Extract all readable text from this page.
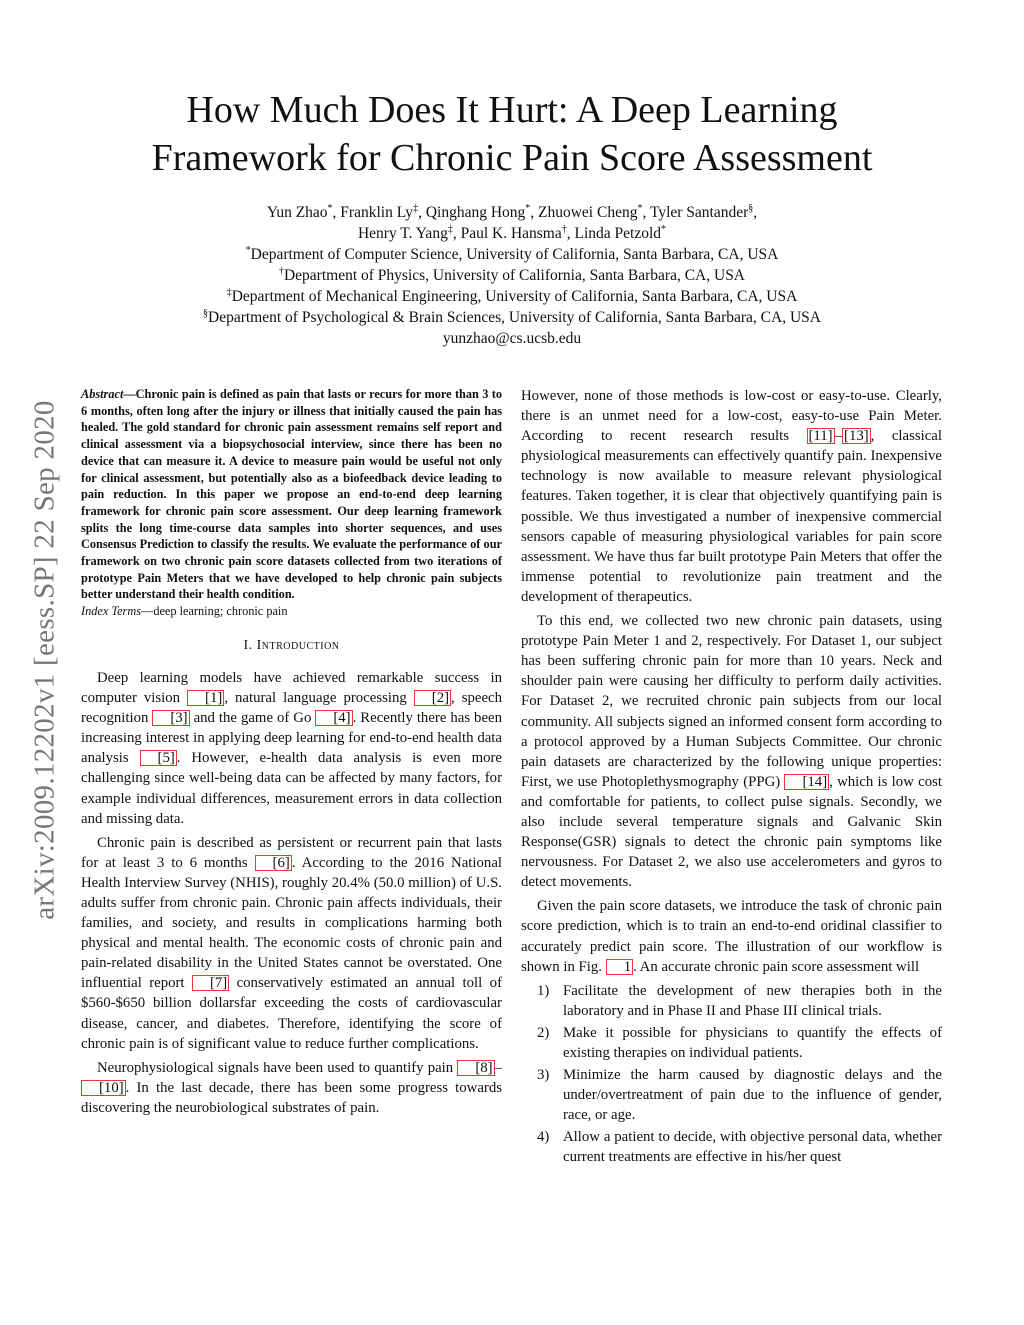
arXiv:2009.12202v1 [eess.SP] 22 Sep 2020
How Much Does It Hurt: A Deep Learning
Framework for Chronic Pain Score Assessment
Yun Zhao*, Franklin Ly‡, Qinghang Hong*, Zhuowei Cheng*, Tyler Santander§,
Henry T. Yang‡, Paul K. Hansma†, Linda Petzold*
*Department of Computer Science, University of California, Santa Barbara, CA, USA
†Department of Physics, University of California, Santa Barbara, CA, USA
‡Department of Mechanical Engineering, University of California, Santa Barbara, CA, USA
§Department of Psychological & Brain Sciences, University of California, Santa Barbara, CA, USA
yunzhao@cs.ucsb.edu
Abstract—Chronic pain is defined as pain that lasts or recurs for more than 3 to 6 months, often long after the injury or illness that initially caused the pain has healed. The gold standard for chronic pain assessment remains self report and clinical assessment via a biopsychosocial interview, since there has been no device that can measure it. A device to measure pain would be useful not only for clinical assessment, but potentially also as a biofeedback device leading to pain reduction. In this paper we propose an end-to-end deep learning framework for chronic pain score assessment. Our deep learning framework splits the long time-course data samples into shorter sequences, and uses Consensus Prediction to classify the results. We evaluate the performance of our framework on two chronic pain score datasets collected from two iterations of prototype Pain Meters that we have developed to help chronic pain subjects better understand their health condition.
Index Terms—deep learning; chronic pain
I. Introduction

Deep learning models have achieved remarkable success in computer vision [1] , natural language processing [2] , speech recognition [3] and the game of Go [4] . Recently there has been increasing interest in applying deep learning for end-to-end health data analysis [5] . However, e-health data analysis is even more challenging since well-being data can be affected by many factors, for example individual differences, measurement errors in data collection and missing data.

Chronic pain is described as persistent or recurrent pain that lasts for at least 3 to 6 months [6] . According to the 2016 National Health Interview Survey (NHIS), roughly 20.4% (50.0 million) of U.S. adults suffer from chronic pain. Chronic pain affects individuals, their families, and society, and results in complications harming both physical and mental health. The economic costs of chronic pain and pain-related disability in the United States cannot be overstated. One influential report [7] conservatively estimated an annual toll of $560-$650 billion dollarsfar exceeding the costs of cardiovascular disease, cancer, and diabetes. Therefore, identifying the score of chronic pain is of significant value to reduce further complications.

Neurophysiological signals have been used to quantify pain [8] –[10] . In the last decade, there has been some progress towards discovering the neurobiological substrates of pain.

However, none of those methods is low-cost or easy-to-use. Clearly, there is an unmet need for a low-cost, easy-to-use Pain Meter. According to recent research results [11] – [13] , classical physiological measurements can effectively quantify pain. Inexpensive technology is now available to measure relevant physiological features. Taken together, it is clear that objectively quantifying pain is possible. We thus investigated a number of inexpensive commercial sensors capable of measuring physiological variables for pain score assessment. We have thus far built prototype Pain Meters that offer the immense potential to revolutionize pain treatment and the development of therapeutics.

To this end, we collected two new chronic pain datasets, using prototype Pain Meter 1 and 2, respectively. For Dataset 1, our subject has been suffering chronic pain for more than 10 years. Neck and shoulder pain were causing her difficulty to perform daily activities. For Dataset 2, we recruited chronic pain subjects from our local community. All subjects signed an informed consent form according to a protocol approved by a Human Subjects Committee. Our chronic pain datasets are characterized by the following unique properties: First, we use Photoplethysmography (PPG) [14] , which is low cost and comfortable for patients, to collect pulse signals. Secondly, we also include several temperature signals and Galvanic Skin Response(GSR) signals to detect the chronic pain symptoms like nervousness. For Dataset 2, we also use accelerometers and gyros to detect movements.

Given the pain score datasets, we introduce the task of chronic pain score prediction, which is to train an end-to-end oridinal classifier to accurately predict pain score. The illustration of our workflow is shown in Fig. 1 . An accurate chronic pain score assessment will

1) Facilitate the development of new therapies both in the laboratory and in Phase II and Phase III clinical trials.
2) Make it possible for physicians to quantify the effects of existing therapies on individual patients.
3) Minimize the harm caused by diagnostic delays and the under/overtreatment of pain due to the influence of gender, race, or age.
4) Allow a patient to decide, with objective personal data, whether current treatments are effective in his/her quest
